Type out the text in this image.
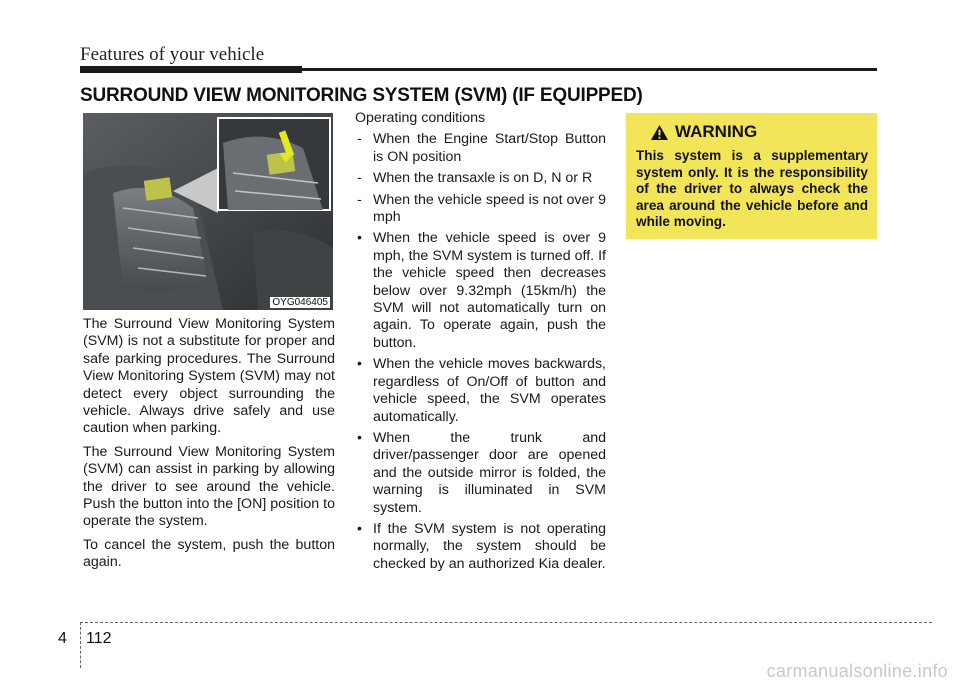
Features of your vehicle
SURROUND VIEW MONITORING SYSTEM (SVM) (IF EQUIPPED)
OYG046405

The Surround View Monitoring System (SVM) is not a substitute for proper and safe parking procedures. The Surround View Monitoring System (SVM) may not detect every object surrounding the vehicle. Always drive safely and use caution when parking.

The Surround View Monitoring System (SVM) can assist in parking by allowing the driver to see around the vehicle. Push the button into the [ON] position to operate the system.

To cancel the system, push the button again.

Operating conditions
- When the Engine Start/Stop Button is ON position
- When the transaxle is on D, N or R
- When the vehicle speed is not over 9 mph
• When the vehicle speed is over 9 mph, the SVM system is turned off. If the vehicle speed then decreases below over 9.32mph (15km/h) the SVM will not automatically turn on again. To operate again, push the button.
• When the vehicle moves backwards, regardless of On/Off of button and vehicle speed, the SVM operates automatically.
• When the trunk and driver/passenger door are opened and the outside mirror is folded, the warning is illuminated in SVM system.
• If the SVM system is not operating normally, the system should be checked by an authorized Kia dealer.
WARNING
This system is a supplementary system only. It is the responsibility of the driver to always check the area around the vehicle before and while moving.
4 112
carmanualsonline.info
